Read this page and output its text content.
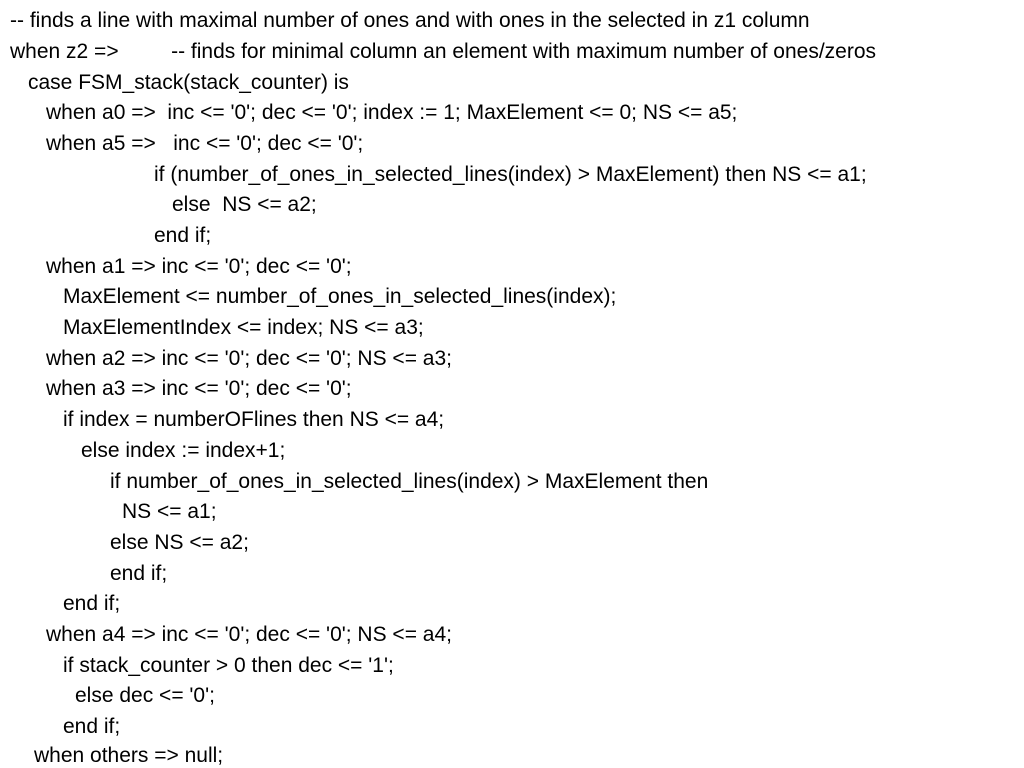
-- finds a line with maximal number of ones and with ones in the selected in z1 column
when z2 =>         -- finds for minimal column an element with maximum number of ones/zeros
case FSM_stack(stack_counter) is
when a0 =>  inc <= '0'; dec <= '0'; index := 1; MaxElement <= 0; NS <= a5;
when a5 =>   inc <= '0'; dec <= '0';
if (number_of_ones_in_selected_lines(index) > MaxElement) then NS <= a1;
else  NS <= a2;
end if;
when a1 => inc <= '0'; dec <= '0';
MaxElement <= number_of_ones_in_selected_lines(index);
MaxElementIndex <= index; NS <= a3;
when a2 => inc <= '0'; dec <= '0'; NS <= a3;
when a3 => inc <= '0'; dec <= '0';
if index = numberOFlines then NS <= a4;
else index := index+1;
if number_of_ones_in_selected_lines(index) > MaxElement then
NS <= a1;
else NS <= a2;
end if;
end if;
when a4 => inc <= '0'; dec <= '0'; NS <= a4;
if stack_counter > 0 then dec <= '1';
else dec <= '0';
end if;
when others => null;
